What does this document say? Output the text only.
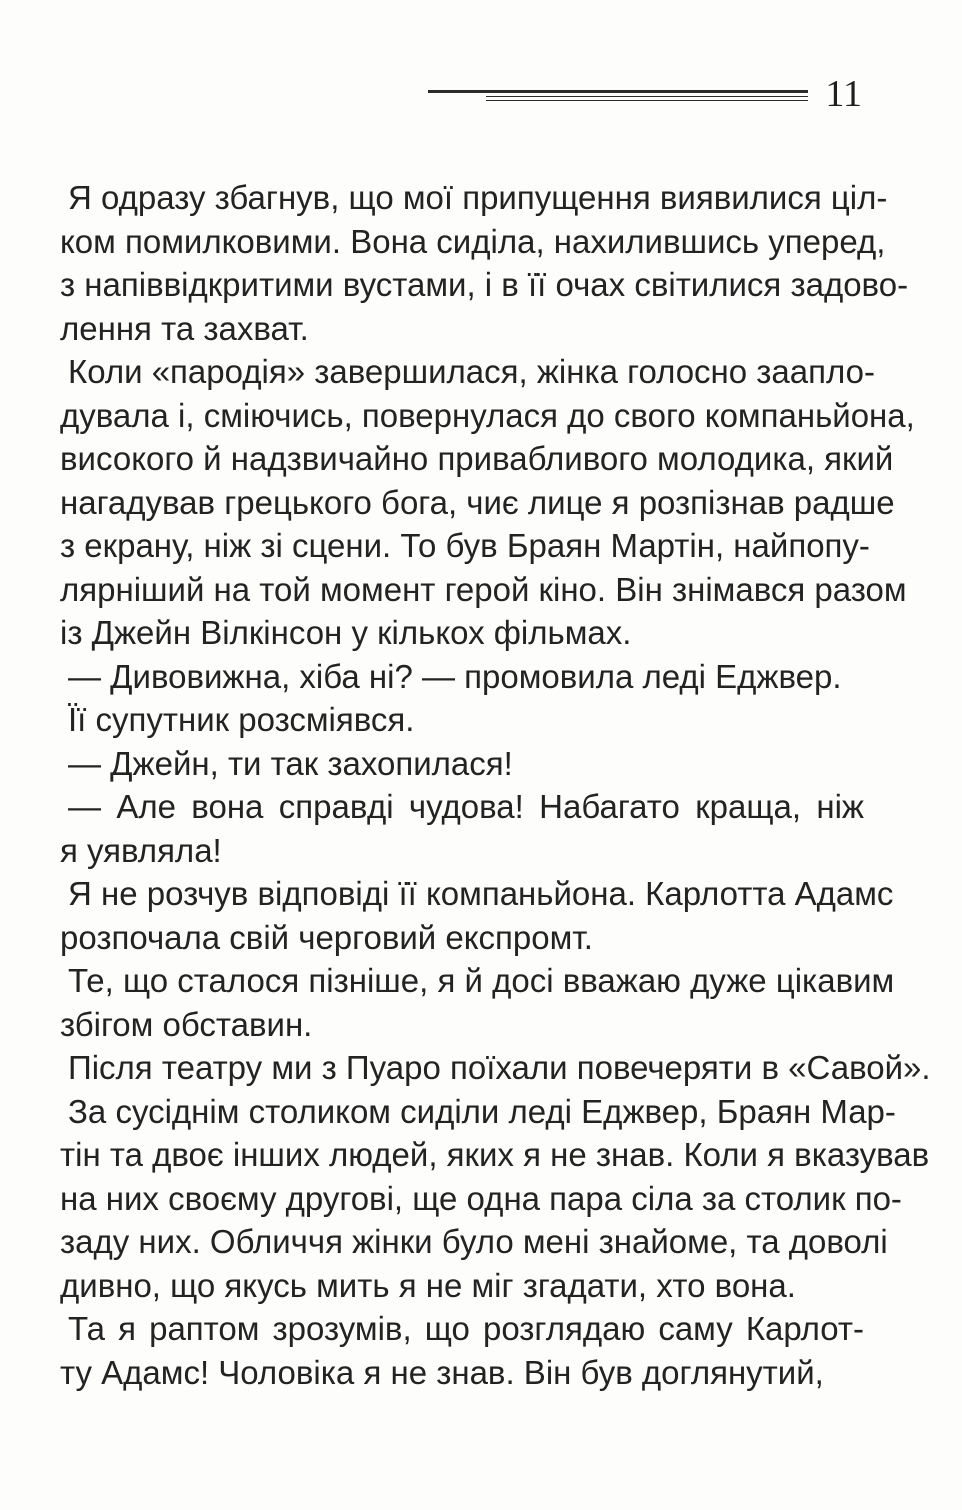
11

Я одразу збагнув, що мої припущення виявилися ціл-
ком помилковими. Вона сиділа, нахилившись уперед,
з напіввідкритими вустами, і в її очах світилися задово-
лення та захват.

Коли «пародія» завершилася, жінка голосно заапло-
дувала і, сміючись, повернулася до свого компаньйона,
високого й надзвичайно привабливого молодика, який
нагадував грецького бога, чиє лице я розпізнав радше
з екрану, ніж зі сцени. То був Браян Мартін, найпопу-
лярніший на той момент герой кіно. Він знімався разом
із Джейн Вілкінсон у кількох фільмах.

— Дивовижна, хіба ні? — промовила леді Еджвер.

Її супутник розсміявся.

— Джейн, ти так захопилася!

— Але вона справді чудова! Набагато краща, ніж
я уявляла!

Я не розчув відповіді її компаньйона. Карлотта Адамс
розпочала свій черговий експромт.

Те, що сталося пізніше, я й досі вважаю дуже цікавим
збігом обставин.

Після театру ми з Пуаро поїхали повечеряти в «Савой».

За сусіднім столиком сиділи леді Еджвер, Браян Мар-
тін та двоє інших людей, яких я не знав. Коли я вказував
на них своєму другові, ще одна пара сіла за столик по-
заду них. Обличчя жінки було мені знайоме, та доволі
дивно, що якусь мить я не міг згадати, хто вона.

Та я раптом зрозумів, що розглядаю саму Карлот-
ту Адамс! Чоловіка я не знав. Він був доглянутий,
